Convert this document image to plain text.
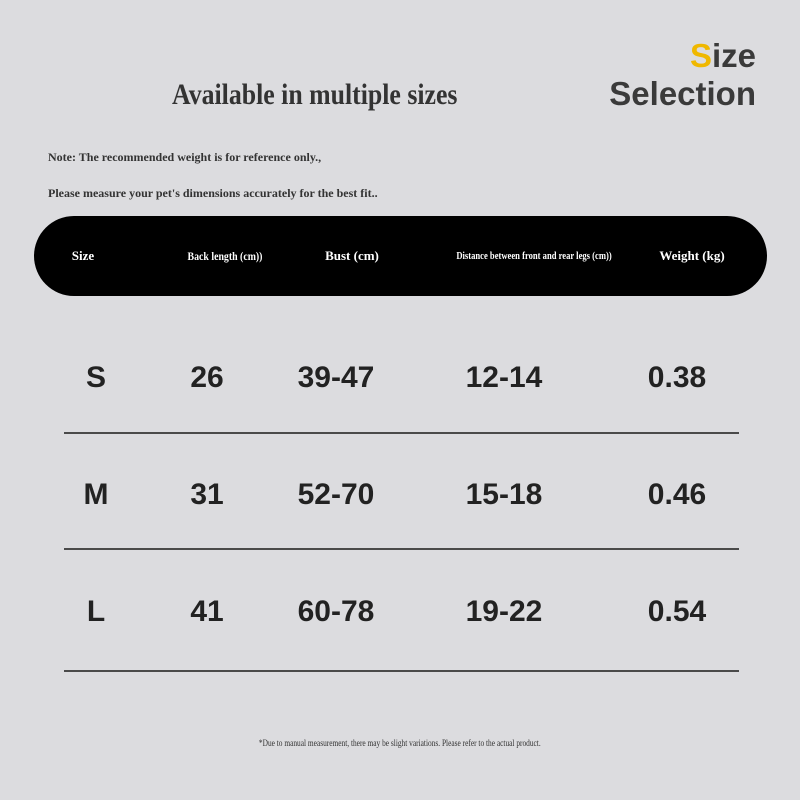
Size
Selection
Available in multiple sizes
Note: The recommended weight is for reference only.,
Please measure your pet's dimensions accurately for the best fit..
Size	Back length (cm))	Bust (cm)	Distance between front and rear legs (cm))	Weight (kg)
S	26	39-47	12-14	0.38
M	31	52-70	15-18	0.46
L	41	60-78	19-22	0.54
*Due to manual measurement, there may be slight variations. Please refer to the actual product.
